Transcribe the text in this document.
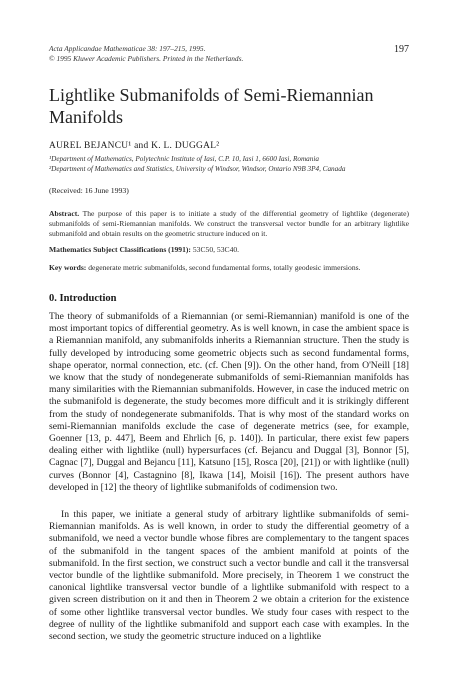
Acta Applicandae Mathematicae 38: 197–215, 1995.
© 1995 Kluwer Academic Publishers. Printed in the Netherlands.
197
Lightlike Submanifolds of Semi-Riemannian Manifolds
AUREL BEJANCU¹ and K. L. DUGGAL²
¹Department of Mathematics, Polytechnic Institute of Iasi, C.P. 10, Iasi 1, 6600 Iasi, Romania
²Department of Mathematics and Statistics, University of Windsor, Windsor, Ontario N9B 3P4, Canada
(Received: 16 June 1993)
Abstract. The purpose of this paper is to initiate a study of the differential geometry of lightlike (degenerate) submanifolds of semi-Riemannian manifolds. We construct the transversal vector bundle for an arbitrary lightlike submanifold and obtain results on the geometric structure induced on it.
Mathematics Subject Classifications (1991): 53C50, 53C40.
Key words: degenerate metric submanifolds, second fundamental forms, totally geodesic immersions.
0. Introduction
The theory of submanifolds of a Riemannian (or semi-Riemannian) manifold is one of the most important topics of differential geometry. As is well known, in case the ambient space is a Riemannian manifold, any submanifolds inherits a Riemannian structure. Then the study is fully developed by introducing some geometric objects such as second fundamental forms, shape operator, normal connection, etc. (cf. Chen [9]). On the other hand, from O'Neill [18] we know that the study of nondegenerate submanifolds of semi-Riemannian manifolds has many similarities with the Riemannian submanifolds. However, in case the induced metric on the submanifold is degenerate, the study becomes more difficult and it is strikingly different from the study of nondegenerate submanifolds. That is why most of the standard works on semi-Riemannian manifolds exclude the case of degenerate metrics (see, for example, Goenner [13, p. 447], Beem and Ehrlich [6, p. 140]). In particular, there exist few papers dealing either with lightlike (null) hypersurfaces (cf. Bejancu and Duggal [3], Bonnor [5], Cagnac [7], Duggal and Bejancu [11], Katsuno [15], Rosca [20], [21]) or with lightlike (null) curves (Bonnor [4], Castagnino [8], Ikawa [14], Moisil [16]). The present authors have developed in [12] the theory of lightlike submanifolds of codimension two.
In this paper, we initiate a general study of arbitrary lightlike submanifolds of semi-Riemannian manifolds. As is well known, in order to study the differential geometry of a submanifold, we need a vector bundle whose fibres are complementary to the tangent spaces of the submanifold in the tangent spaces of the ambient manifold at points of the submanifold. In the first section, we construct such a vector bundle and call it the transversal vector bundle of the lightlike submanifold. More precisely, in Theorem 1 we construct the canonical lightlike transversal vector bundle of a lightlike submanifold with respect to a given screen distribution on it and then in Theorem 2 we obtain a criterion for the existence of some other lightlike transversal vector bundles. We study four cases with respect to the degree of nullity of the lightlike submanifold and support each case with examples. In the second section, we study the geometric structure induced on a lightlike
